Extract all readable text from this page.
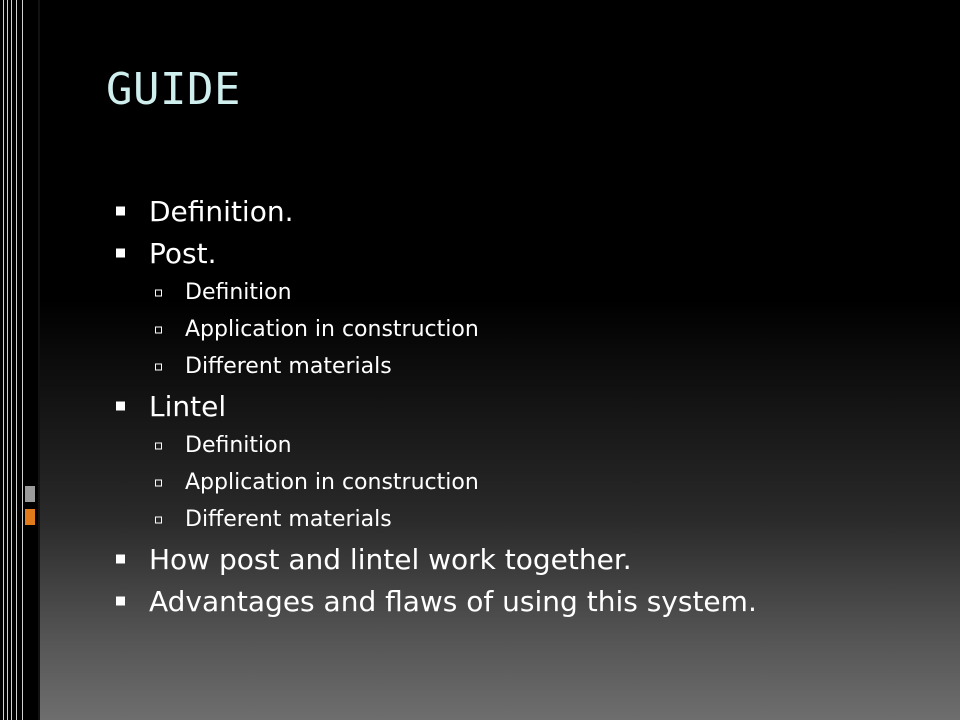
GUIDE
Definition.
Post.
Definition
Application in construction
Different materials
Lintel
Definition
Application in construction
Different materials
How post and lintel work together.
Advantages and flaws of using this system.
